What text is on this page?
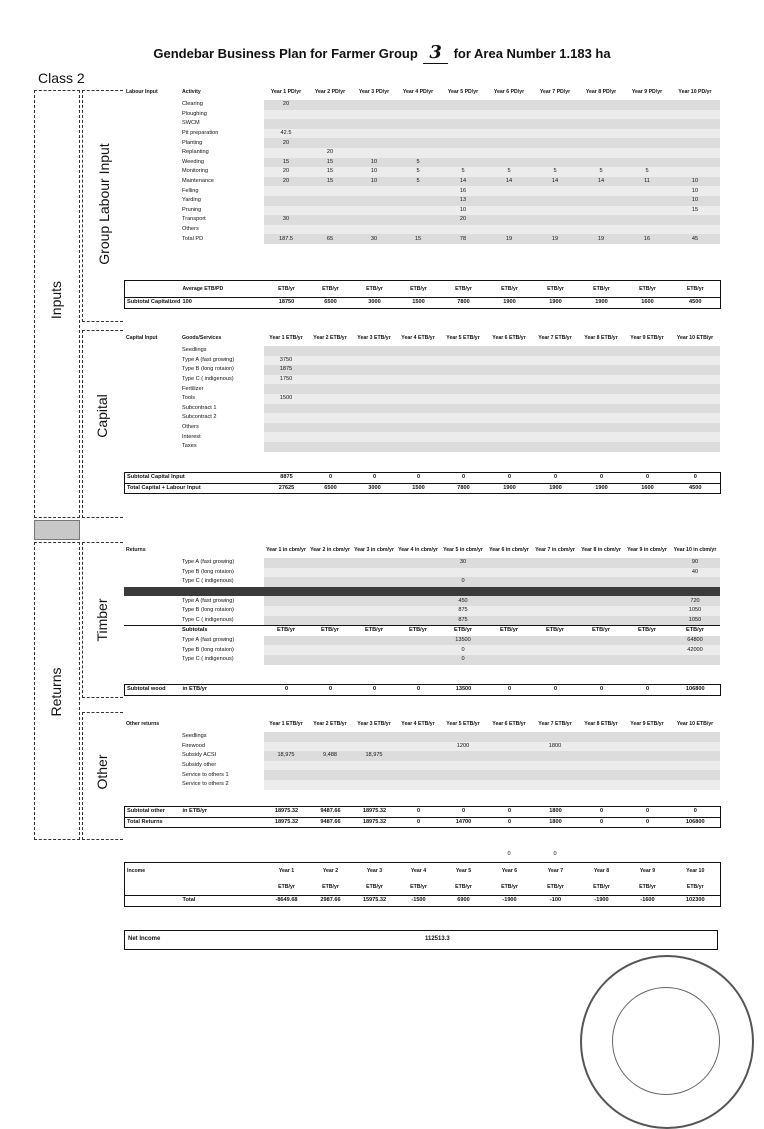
Gendebar Business Plan for Farmer Group 3 for Area Number 1.183 ha
Class 2
Inputs
Returns
Group Labour Input
Capital
Timber
Other
Labour Input	Activity	Year 1 PD/yr	Year 2 PD/yr	Year 3 PD/yr	Year 4 PD/yr	Year 5 PD/yr	Year 6 PD/yr	Year 7 PD/yr	Year 8 PD/yr	Year 9 PD/yr	Year 10 PD/yr
	Clearing	20									
	Ploughing										
	SWCM										
	Pit preparation	42.5									
	Planting	20									
	Replanting		20								
	Weeding	15	15	10	5						
	Monitoring	20	15	10	5	5	5	5	5	5	
	Maintenance	20	15	10	5	14	14	14	14	11	10
	Felling					16					10
	Yarding					13					10
	Pruning					10					15
	Transport	30				20					
	Others										
	Total PD	187.5	65	30	15	78	19	19	19	16	45
	Average ETB/PD	ETB/yr	ETB/yr	ETB/yr	ETB/yr	ETB/yr	ETB/yr	ETB/yr	ETB/yr	ETB/yr	ETB/yr
Subtotal Capitalized	100	18750	6500	3000	1500	7800	1900	1900	1900	1600	4500
Capital Input	Goods/Services	Year 1 ETB/yr	Year 2 ETB/yr	Year 3 ETB/yr	Year 4 ETB/yr	Year 5 ETB/yr	Year 6 ETB/yr	Year 7 ETB/yr	Year 8 ETB/yr	Year 9 ETB/yr	Year 10 ETB/yr
	Seedlings										
	Type A (fast growing)	3750									
	Type B (long rotaion)	1875									
	Type C ( indigenous)	1750									
	Fertilizer										
	Tools	1500									
	Subcontract 1										
	Subcontract 2										
	Others										
	Interest										
	Taxes										
Subtotal Capital Input		8875	0	0	0	0	0	0	0	0	0
Total Capital + Labour Input		27625	6500	3000	1500	7800	1900	1900	1900	1600	4500
Returns		Year 1 in cbm/yr	Year 2 in cbm/yr	Year 3 in cbm/yr	Year 4 in cbm/yr	Year 5 in cbm/yr	Year 6 in cbm/yr	Year 7 in cbm/yr	Year 8 in cbm/yr	Year 9 in cbm/yr	Year 10 in cbm/yr
	Type A (fast growing)					30					90
	Type B (long rotaion)										40
	Type C ( indigenous)					0					

	Type A (fast growing)					450					720
	Type B (long rotaion)					875					1050
	Type C ( indigenous)					875					1050
	Subtotals	ETB/yr	ETB/yr	ETB/yr	ETB/yr	ETB/yr	ETB/yr	ETB/yr	ETB/yr	ETB/yr	ETB/yr
	Type A (fast growing)					13500					64800
	Type B (long rotaion)					0					42000
	Type C ( indigenous)					0					
Subtotal wood	in ETB/yr	0	0	0	0	13500	0	0	0	0	106800
Other returns		Year 1 ETB/yr	Year 2 ETB/yr	Year 3 ETB/yr	Year 4 ETB/yr	Year 5 ETB/yr	Year 6 ETB/yr	Year 7 ETB/yr	Year 8 ETB/yr	Year 9 ETB/yr	Year 10 ETB/yr
	Seedlings										
	Firewood					1200		1800			
	Subsidy ACSI	18,975	9,488	18,975							
	Subsidy other										
	Service to others 1										
	Service to others 2										
Subtotal other	in ETB/yr	18975.32	9487.66	18975.32	0	0	0	1800	0	0	0
Total Returns		18975.32	9487.66	18975.32	0	14700	0	1800	0	0	106800
							0	0			
Income		Year 1	Year 2	Year 3	Year 4	Year 5	Year 6	Year 7	Year 8	Year 9	Year 10
		ETB/yr	ETB/yr	ETB/yr	ETB/yr	ETB/yr	ETB/yr	ETB/yr	ETB/yr	ETB/yr	ETB/yr
	Total	-8649.68	2987.66	15975.32	-1500	6900	-1900	-100	-1900	-1600	102300
Net Income	112513.3
